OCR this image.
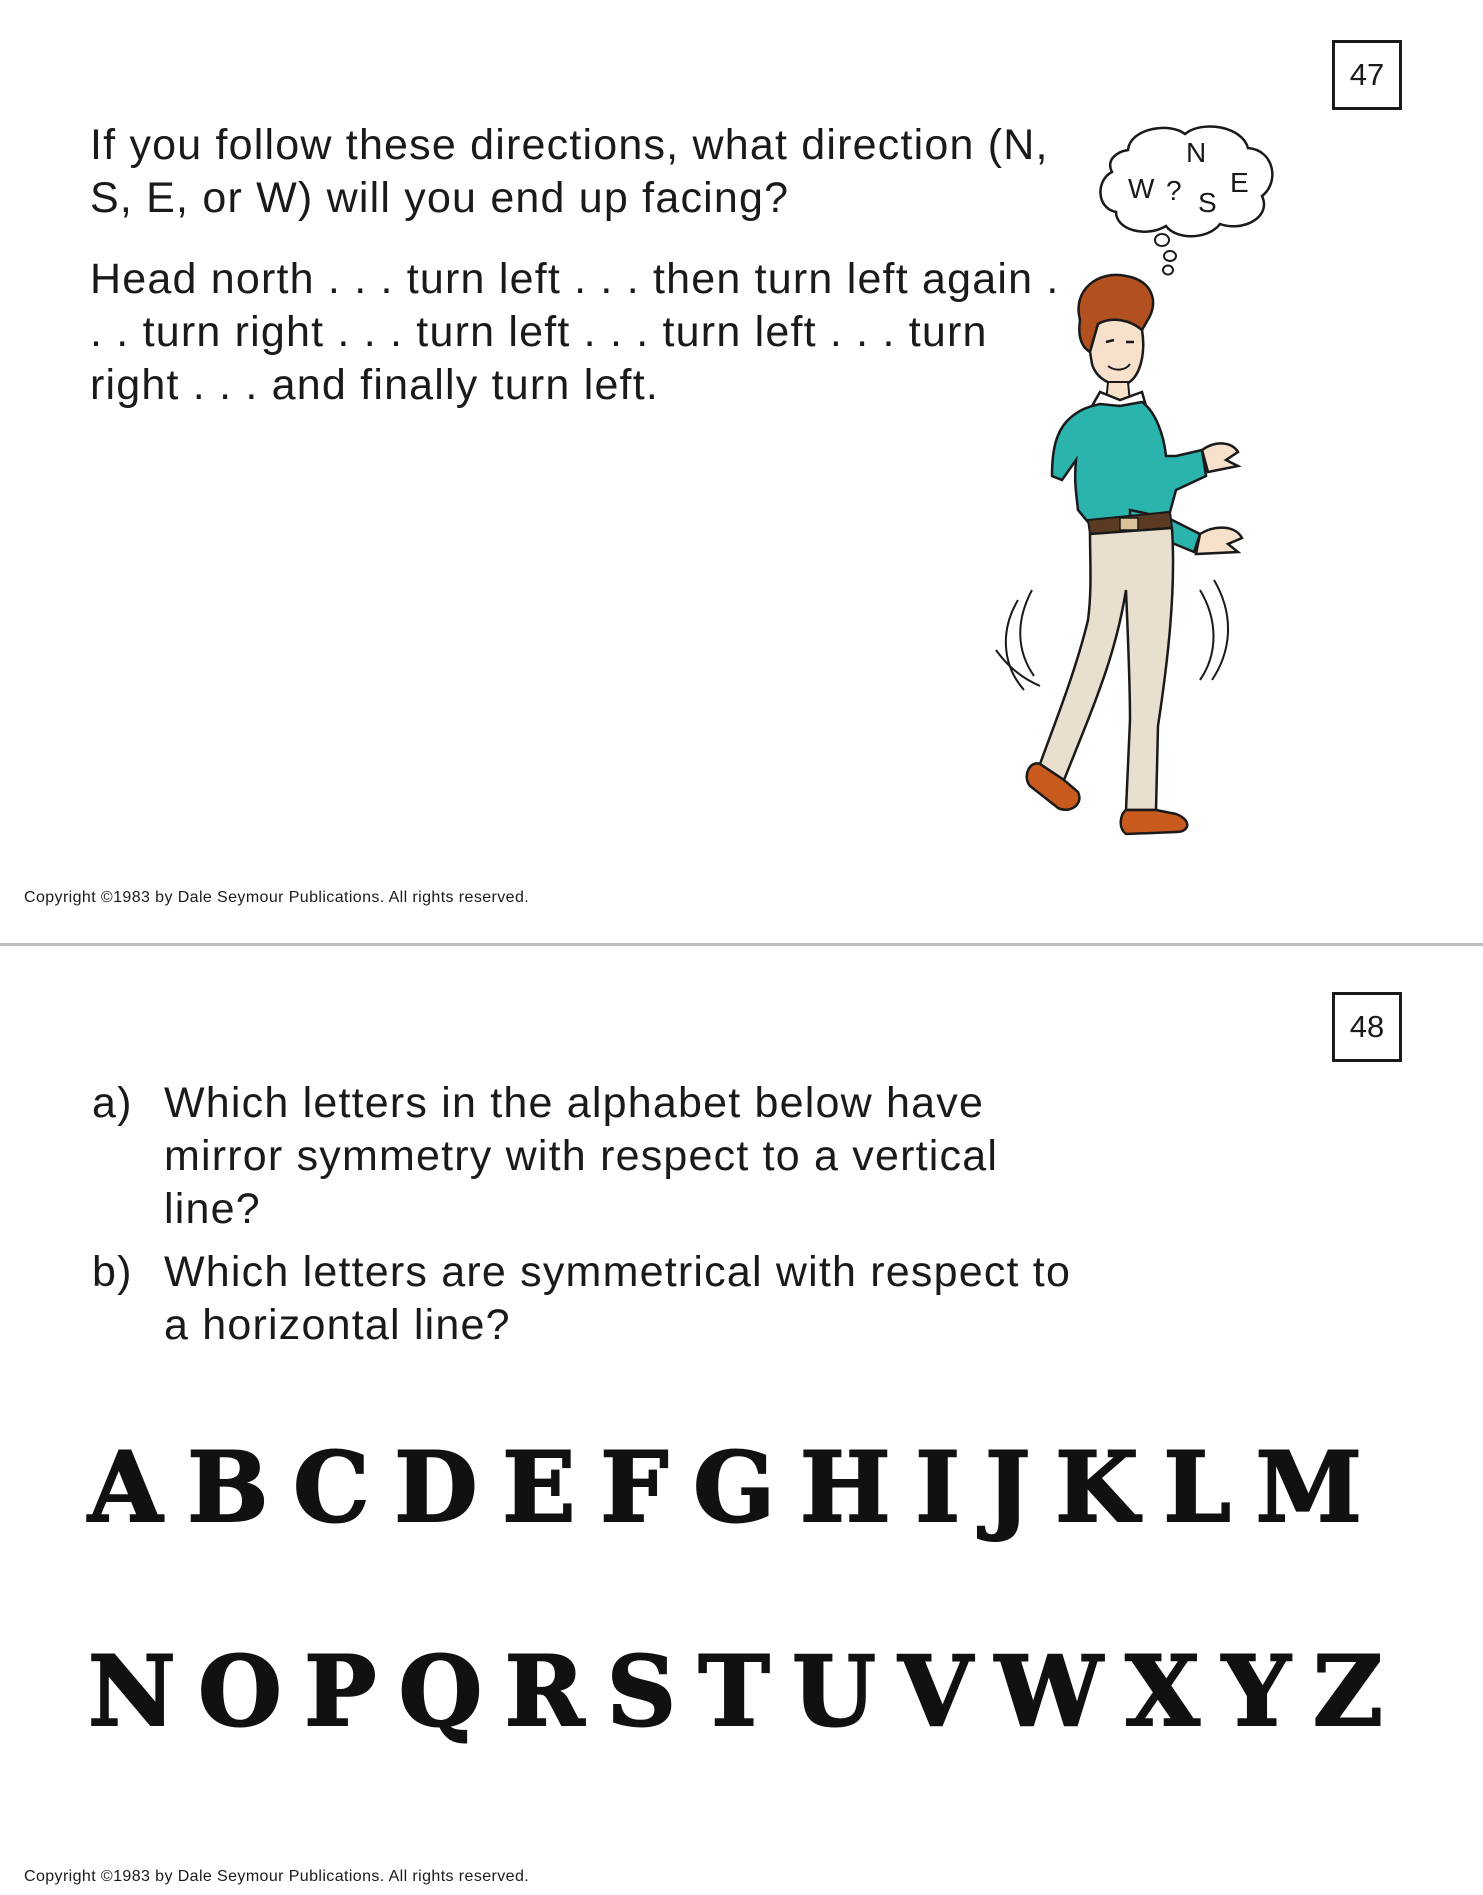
47

If you follow these directions, what direction (N, S, E, or W) will you end up facing?

Head north . . . turn left . . . then turn left again . . . turn right . . . turn left . . . turn left . . . turn right . . . and finally turn left.

N
W ? S
E
Copyright ©1983 by Dale Seymour Publications. All rights reserved.
48
a) Which letters in the alphabet below have mirror symmetry with respect to a vertical line?
b) Which letters are symmetrical with respect to a horizontal line?
A B C D E F G H I J K L M
N O P Q R S T U V W X Y Z
Copyright ©1983 by Dale Seymour Publications. All rights reserved.
